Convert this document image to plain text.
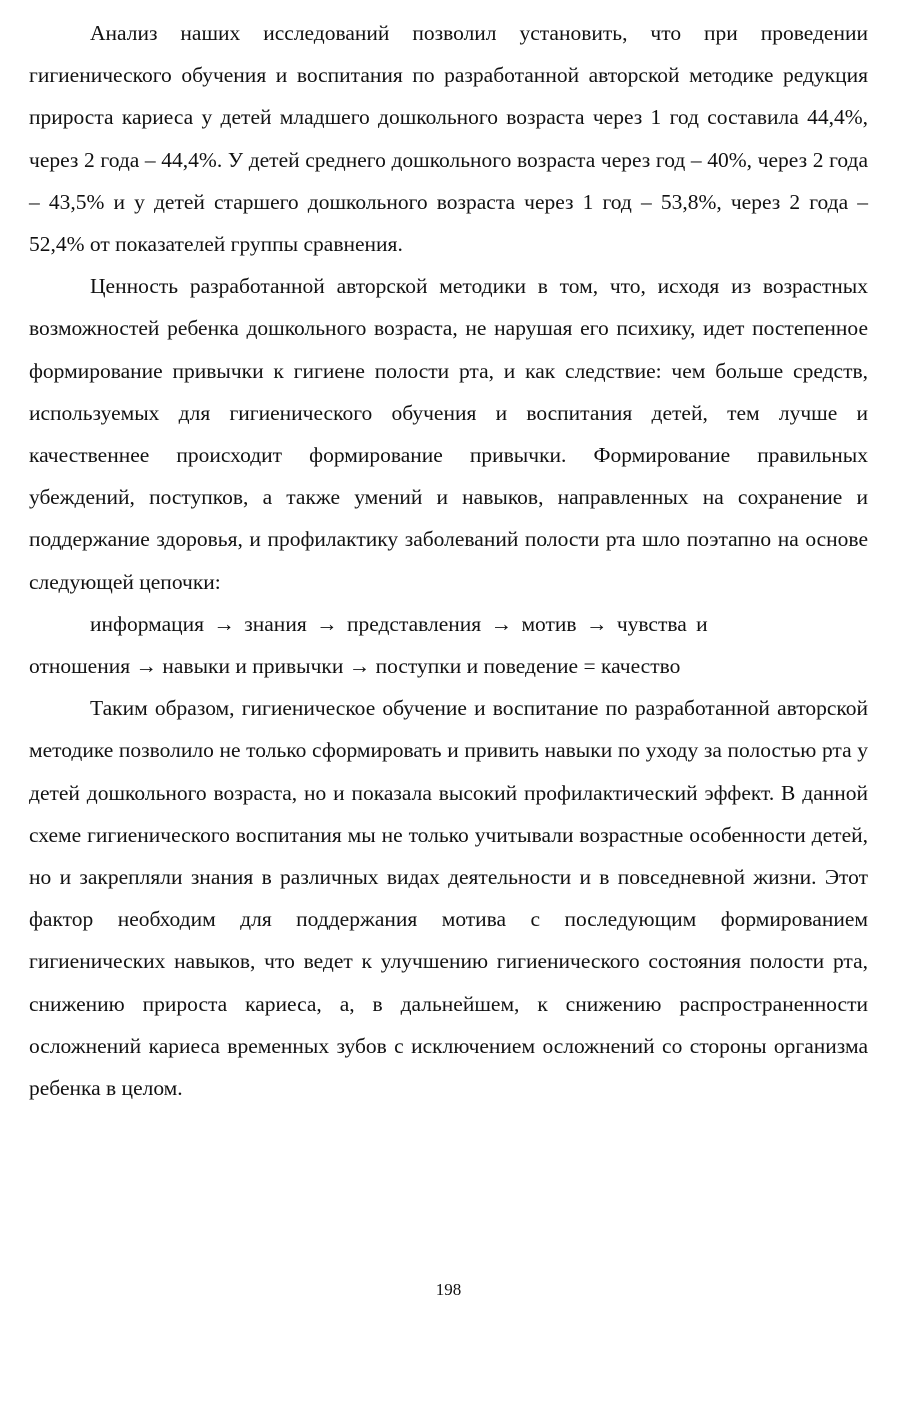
Анализ наших исследований позволил установить, что при проведении гигиенического обучения и воспитания по разработанной авторской методике редукция прироста кариеса у детей младшего дошкольного возраста через 1 год составила 44,4%, через 2 года – 44,4%. У детей среднего дошкольного возраста через год – 40%, через 2 года – 43,5% и у детей старшего дошкольного возраста через 1 год – 53,8%, через 2 года – 52,4% от показателей группы сравнения.

Ценность разработанной авторской методики в том, что, исходя из возрастных возможностей ребенка дошкольного возраста, не нарушая его психику, идет постепенное формирование привычки к гигиене полости рта, и как следствие: чем больше средств, используемых для гигиенического обучения и воспитания детей, тем лучше и качественнее происходит формирование привычки. Формирование правильных убеждений, поступков, а также умений и навыков, направленных на сохранение и поддержание здоровья, и профилактику заболеваний полости рта шло поэтапно на основе следующей цепочки:

информация → знания → представления → мотив → чувства и
отношения → навыки и привычки → поступки и поведение = качество

Таким образом, гигиеническое обучение и воспитание по разработанной авторской методике позволило не только сформировать и привить навыки по уходу за полостью рта у детей дошкольного возраста, но и показала высокий профилактический эффект. В данной схеме гигиенического воспитания мы не только учитывали возрастные особенности детей, но и закрепляли знания в различных видах деятельности и в повседневной жизни. Этот фактор необходим для поддержания мотива с последующим формированием гигиенических навыков, что ведет к улучшению гигиенического состояния полости рта, снижению прироста кариеса, а, в дальнейшем, к снижению распространенности осложнений кариеса временных зубов с исключением осложнений со стороны организма ребенка в целом.

198
